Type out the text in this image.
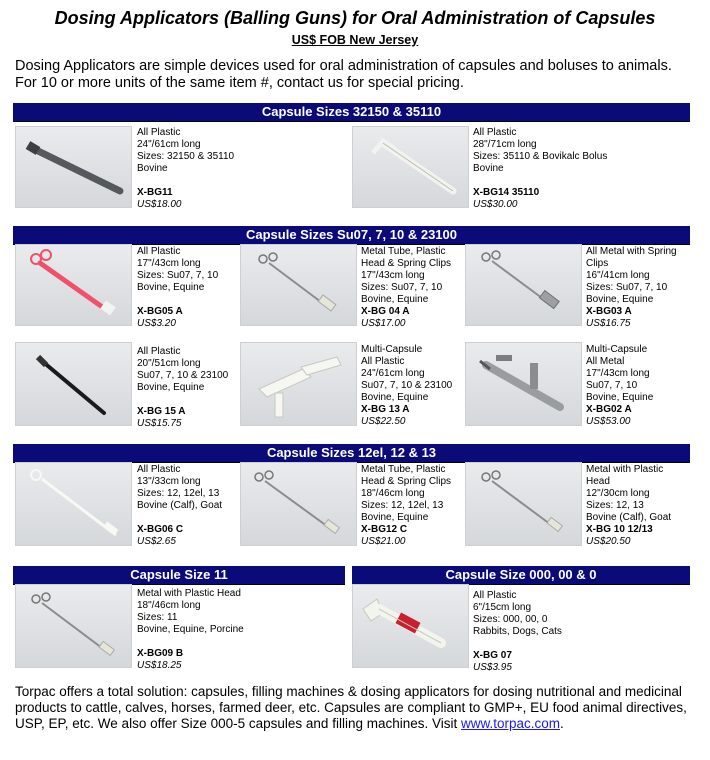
Dosing Applicators (Balling Guns) for Oral Administration of Capsules
US$ FOB New Jersey
Dosing Applicators are simple devices used for oral administration of capsules and boluses to animals.
For 10 or more units of the same item #, contact us for special pricing.
Capsule Sizes 32150 & 35110
All Plastic
24"/61cm long
Sizes: 32150 & 35110
Bovine
X-BG11
US$18.00
All Plastic
28"/71cm long
Sizes: 35110 & Bovikalc Bolus
Bovine
X-BG14 35110
US$30.00
Capsule Sizes Su07, 7, 10 & 23100
All Plastic
17"/43cm long
Sizes: Su07, 7, 10
Bovine, Equine
X-BG05 A
US$3.20
Metal Tube, Plastic
Head & Spring Clips
17"/43cm long
Sizes: Su07, 7, 10
Bovine, Equine
X-BG 04 A
US$17.00
All Metal with Spring
Clips
16"/41cm long
Sizes: Su07, 7, 10
Bovine, Equine
X-BG03 A
US$16.75
All Plastic
20"/51cm long
Su07, 7, 10 & 23100
Bovine, Equine
X-BG 15 A
US$15.75
Multi-Capsule
All Plastic
24"/61cm long
Su07, 7, 10 & 23100
Bovine, Equine
X-BG 13 A
US$22.50
Multi-Capsule
All Metal
17"/43cm long
Su07, 7, 10
Bovine, Equine
X-BG02 A
US$53.00
Capsule Sizes 12el, 12 & 13
All Plastic
13"/33cm long
Sizes: 12, 12el, 13
Bovine (Calf), Goat
X-BG06 C
US$2.65
Metal Tube, Plastic
Head & Spring Clips
18"/46cm long
Sizes: 12, 12el, 13
Bovine, Equine
X-BG12 C
US$21.00
Metal with Plastic
Head
12"/30cm long
Sizes: 12, 13
Bovine (Calf), Goat
X-BG 10 12/13
US$20.50
Capsule Size 11	Capsule Size 000, 00 & 0
Metal with Plastic Head
18"/46cm long
Sizes: 11
Bovine, Equine, Porcine
X-BG09 B
US$18.25
All Plastic
6"/15cm long
Sizes: 000, 00, 0
Rabbits, Dogs, Cats
X-BG 07
US$3.95
Torpac offers a total solution: capsules, filling machines & dosing applicators for dosing nutritional and medicinal products to cattle, calves, horses, farmed deer, etc. Capsules are compliant to GMP+, EU food animal directives, USP, EP, etc. We also offer Size 000-5 capsules and filling machines. Visit www.torpac.com.
